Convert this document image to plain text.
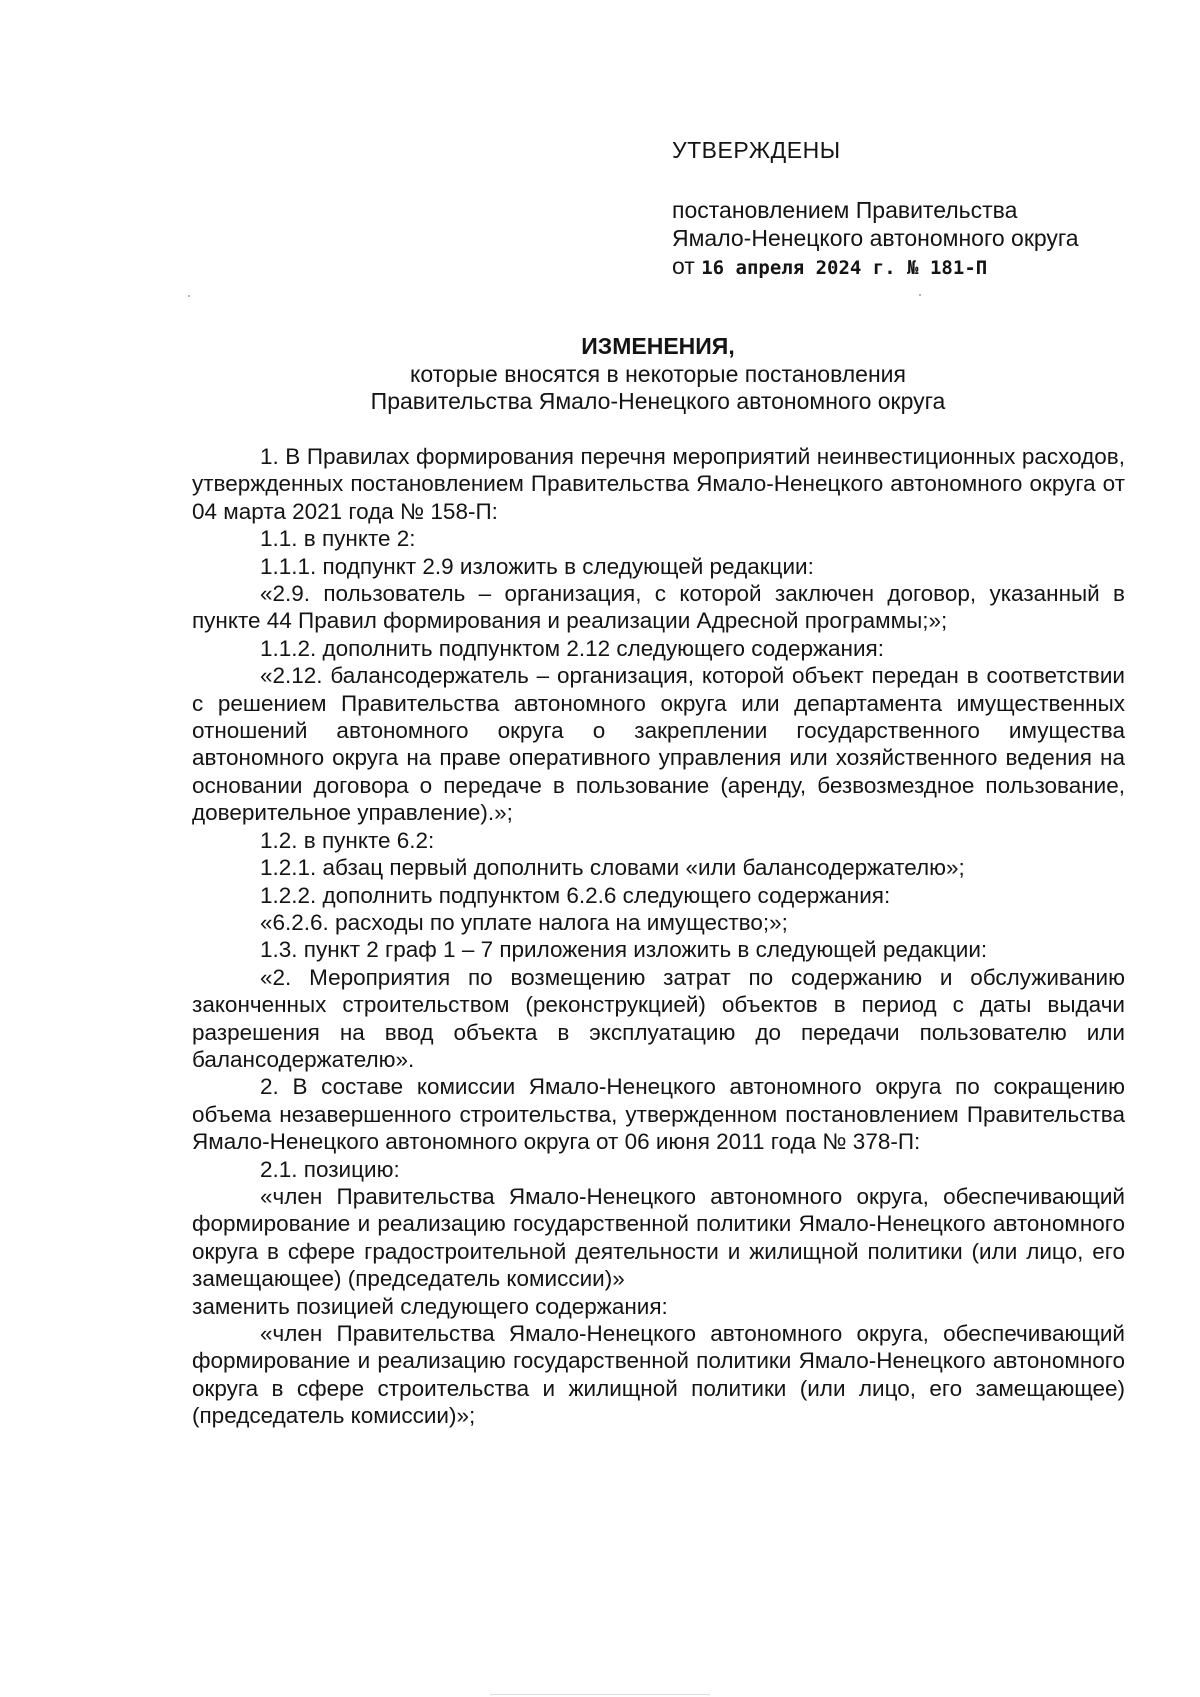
УТВЕРЖДЕНЫ
постановлением Правительства
Ямало-Ненецкого автономного округа
от 16 апреля 2024 г. № 181-П
ИЗМЕНЕНИЯ,
которые вносятся в некоторые постановления
Правительства Ямало-Ненецкого автономного округа

1. В Правилах формирования перечня мероприятий неинвестиционных расходов, утвержденных постановлением Правительства Ямало-Ненецкого автономного округа от 04 марта 2021 года № 158-П:

1.1. в пункте 2:

1.1.1. подпункт 2.9 изложить в следующей редакции:

«2.9. пользователь – организация, с которой заключен договор, указанный в пункте 44 Правил формирования и реализации Адресной программы;»;

1.1.2. дополнить подпунктом 2.12 следующего содержания:

«2.12. балансодержатель – организация, которой объект передан в соответствии с решением Правительства автономного округа или департамента имущественных отношений автономного округа о закреплении государственного имущества автономного округа на праве оперативного управления или хозяйственного ведения на основании договора о передаче в пользование (аренду, безвозмездное пользование, доверительное управление).»;

1.2. в пункте 6.2:

1.2.1. абзац первый дополнить словами «или балансодержателю»;

1.2.2. дополнить подпунктом 6.2.6 следующего содержания:

«6.2.6. расходы по уплате налога на имущество;»;

1.3. пункт 2 граф 1 – 7 приложения изложить в следующей редакции:

«2. Мероприятия по возмещению затрат по содержанию и обслуживанию законченных строительством (реконструкцией) объектов в период с даты выдачи разрешения на ввод объекта в эксплуатацию до передачи пользователю или балансодержателю».

2. В составе комиссии Ямало-Ненецкого автономного округа по сокращению объема незавершенного строительства, утвержденном постановлением Правительства Ямало-Ненецкого автономного округа от 06 июня 2011 года № 378-П:

2.1. позицию:

«член Правительства Ямало-Ненецкого автономного округа, обеспечивающий формирование и реализацию государственной политики Ямало-Ненецкого автономного округа в сфере градостроительной деятельности и жилищной политики (или лицо, его замещающее) (председатель комиссии)»

заменить позицией следующего содержания:

«член Правительства Ямало-Ненецкого автономного округа, обеспечивающий формирование и реализацию государственной политики Ямало-Ненецкого автономного округа в сфере строительства и жилищной политики (или лицо, его замещающее) (председатель комиссии)»;
